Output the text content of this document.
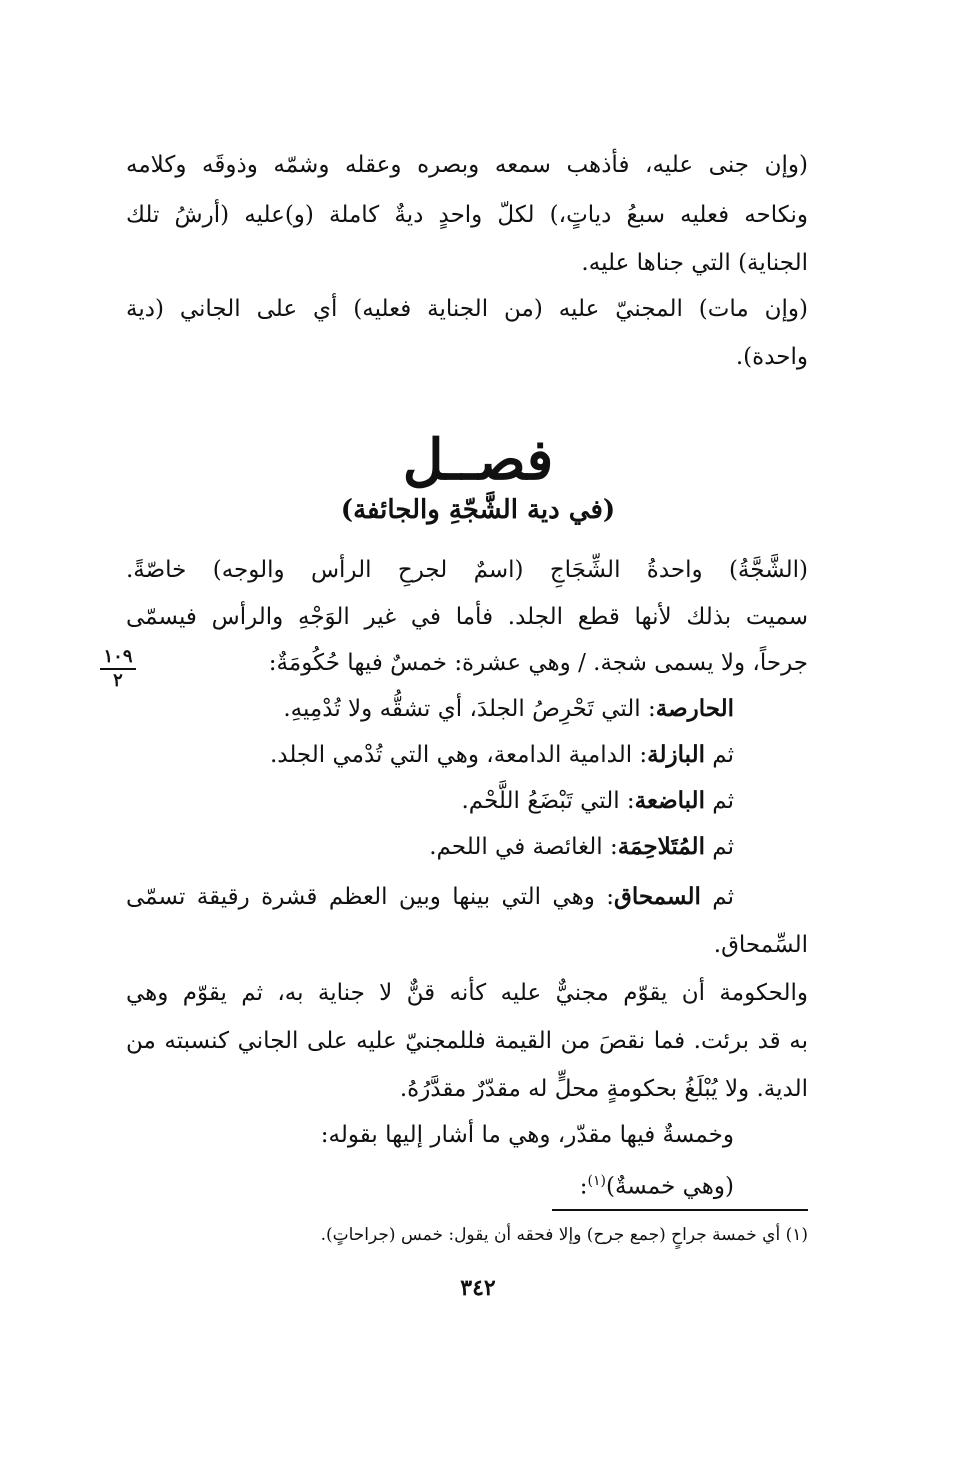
(وإن جنى عليه، فأذهب سمعه وبصره وعقله وشمّه وذوقَه وكلامه
ونكاحه فعليه سبعُ دياتٍ،) لكلّ واحدٍ ديةٌ كاملة (و)عليه (أرشُ تلك
الجناية) التي جناها عليه.
(وإن مات) المجنيّ عليه (من الجناية فعليه) أي على الجاني (دية
واحدة).
فصــل
(في دية الشَّجّةِ والجائفة)
(الشَّجَّةُ) واحدةُ الشِّجَاجِ (اسمٌ لجرحِ الرأس والوجه) خاصّةً.
سميت بذلك لأنها قطع الجلد. فأما في غير الوَجْهِ والرأس فيسمّى
جرحاً، ولا يسمى شجة. / وهي عشرة: خمسٌ فيها حُكُومَةٌ:
١٠٩
٢
الحارصة: التي تَحْرِصُ الجلدَ، أي تشقُّه ولا تُدْمِيهِ.
ثم البازلة: الدامية الدامعة، وهي التي تُدْمي الجلد.
ثم الباضعة: التي تَبْضَعُ اللَّحْم.
ثم المُتَلاحِمَة: الغائصة في اللحم.
ثم السمحاق: وهي التي بينها وبين العظم قشرة رقيقة تسمّى
السِّمحاق.
والحكومة أن يقوّم مجنيٌّ عليه كأنه قنٌّ لا جناية به، ثم يقوّم وهي
به قد برئت. فما نقصَ من القيمة فللمجنيّ عليه على الجاني كنسبته من
الدية. ولا يُبْلَغُ بحكومةٍ محلٍّ له مقدّرٌ مقدَّرُهُ.
وخمسةٌ فيها مقدّر، وهي ما أشار إليها بقوله:
(وهي خمسةٌ)$^{(١)}$:
(١) أي خمسة جراحٍ (جمع جرح) وإلا فحقه أن يقول: خمس (جراحاتٍ).
٣٤٢
